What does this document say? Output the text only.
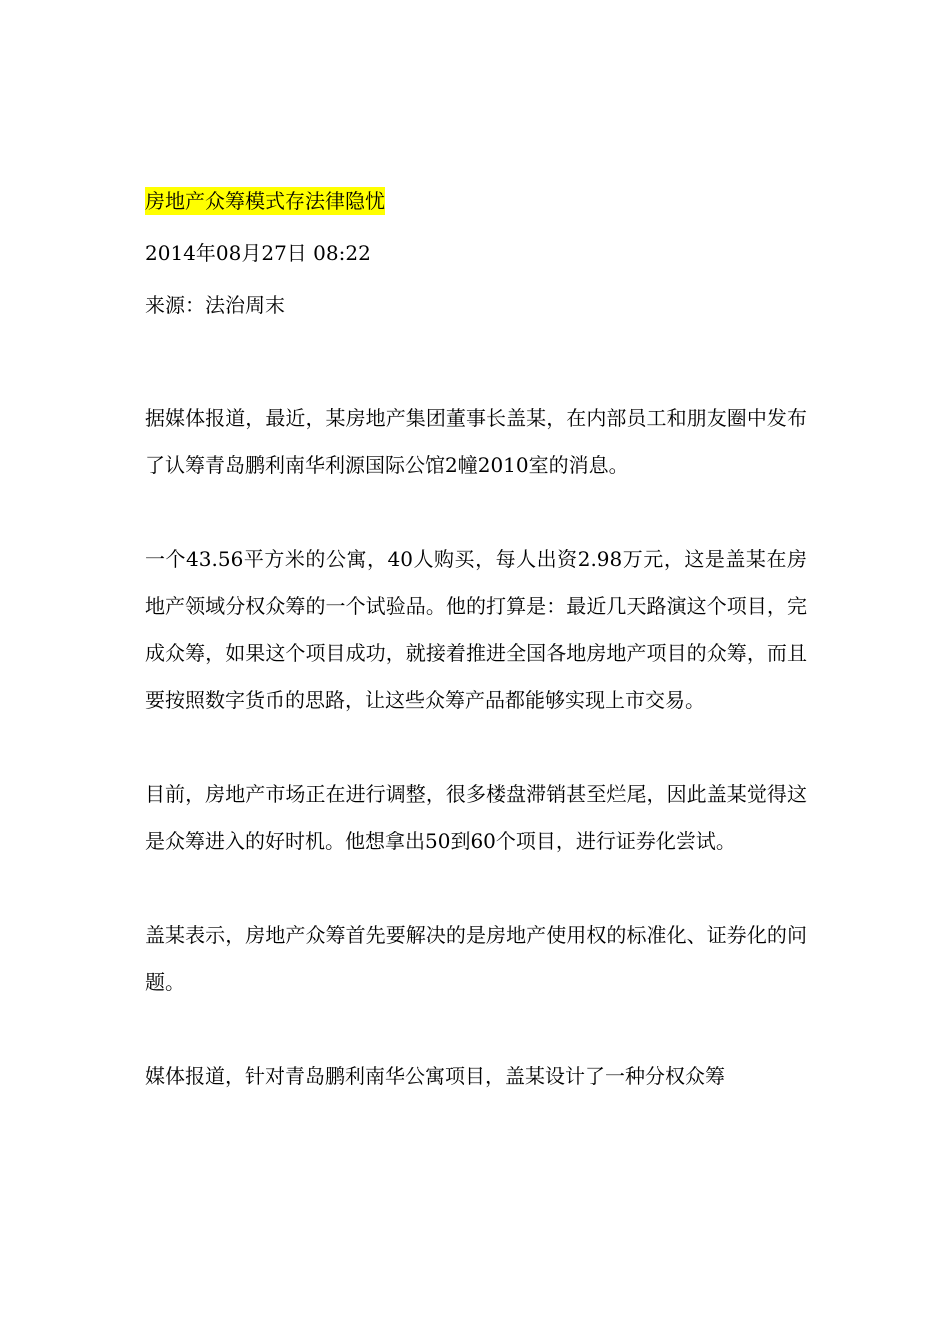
房地产众筹模式存法律隐忧
2014年08月27日 08:22
来源：法治周末

据媒体报道，最近，某房地产集团董事长盖某，在内部员工和朋友圈中发布了认筹青岛鹏利南华利源国际公馆2幢2010室的消息。

一个43.56平方米的公寓，40人购买，每人出资2.98万元，这是盖某在房地产领域分权众筹的一个试验品。他的打算是：最近几天路演这个项目，完成众筹，如果这个项目成功，就接着推进全国各地房地产项目的众筹，而且要按照数字货币的思路，让这些众筹产品都能够实现上市交易。

目前，房地产市场正在进行调整，很多楼盘滞销甚至烂尾，因此盖某觉得这是众筹进入的好时机。他想拿出50到60个项目，进行证券化尝试。

盖某表示，房地产众筹首先要解决的是房地产使用权的标准化、证券化的问题。

媒体报道，针对青岛鹏利南华公寓项目，盖某设计了一种分权众筹
